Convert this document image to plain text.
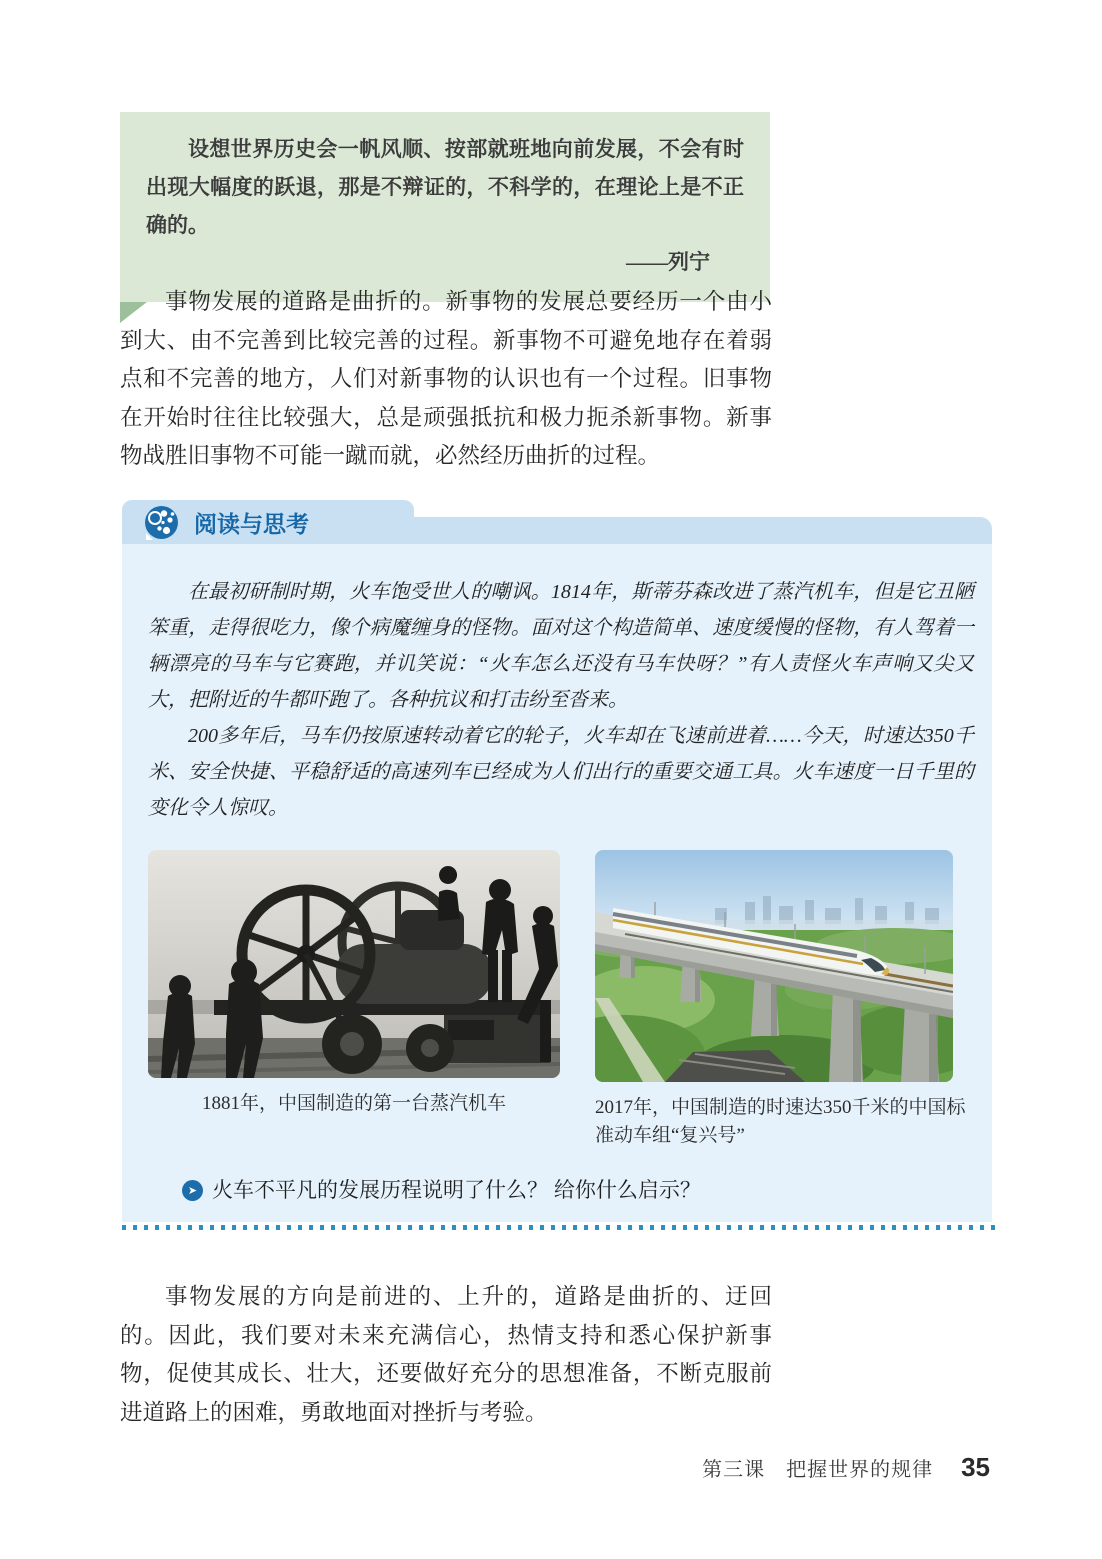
设想世界历史会一帆风顺、按部就班地向前发展，不会有时出现大幅度的跃退，那是不辩证的，不科学的，在理论上是不正确的。

——列宁

事物发展的道路是曲折的。新事物的发展总要经历一个由小到大、由不完善到比较完善的过程。新事物不可避免地存在着弱点和不完善的地方，人们对新事物的认识也有一个过程。旧事物在开始时往往比较强大，总是顽强抵抗和极力扼杀新事物。新事物战胜旧事物不可能一蹴而就，必然经历曲折的过程。

阅读与思考

在最初研制时期，火车饱受世人的嘲讽。1814年，斯蒂芬森改进了蒸汽机车，但是它丑陋笨重，走得很吃力，像个病魔缠身的怪物。面对这个构造简单、速度缓慢的怪物，有人驾着一辆漂亮的马车与它赛跑，并讥笑说：“火车怎么还没有马车快呀？”有人责怪火车声响又尖又大，把附近的牛都吓跑了。各种抗议和打击纷至沓来。

200多年后，马车仍按原速转动着它的轮子，火车却在飞速前进着……今天，时速达350千米、安全快捷、平稳舒适的高速列车已经成为人们出行的重要交通工具。火车速度一日千里的变化令人惊叹。

1881年，中国制造的第一台蒸汽机车	2017年，中国制造的时速达350千米的中国标准动车组“复兴号”
➤ 火车不平凡的发展历程说明了什么？ 给你什么启示？

事物发展的方向是前进的、上升的，道路是曲折的、迂回的。因此，我们要对未来充满信心，热情支持和悉心保护新事物，促使其成长、壮大，还要做好充分的思想准备，不断克服前进道路上的困难，勇敢地面对挫折与考验。

第三课　把握世界的规律 35
